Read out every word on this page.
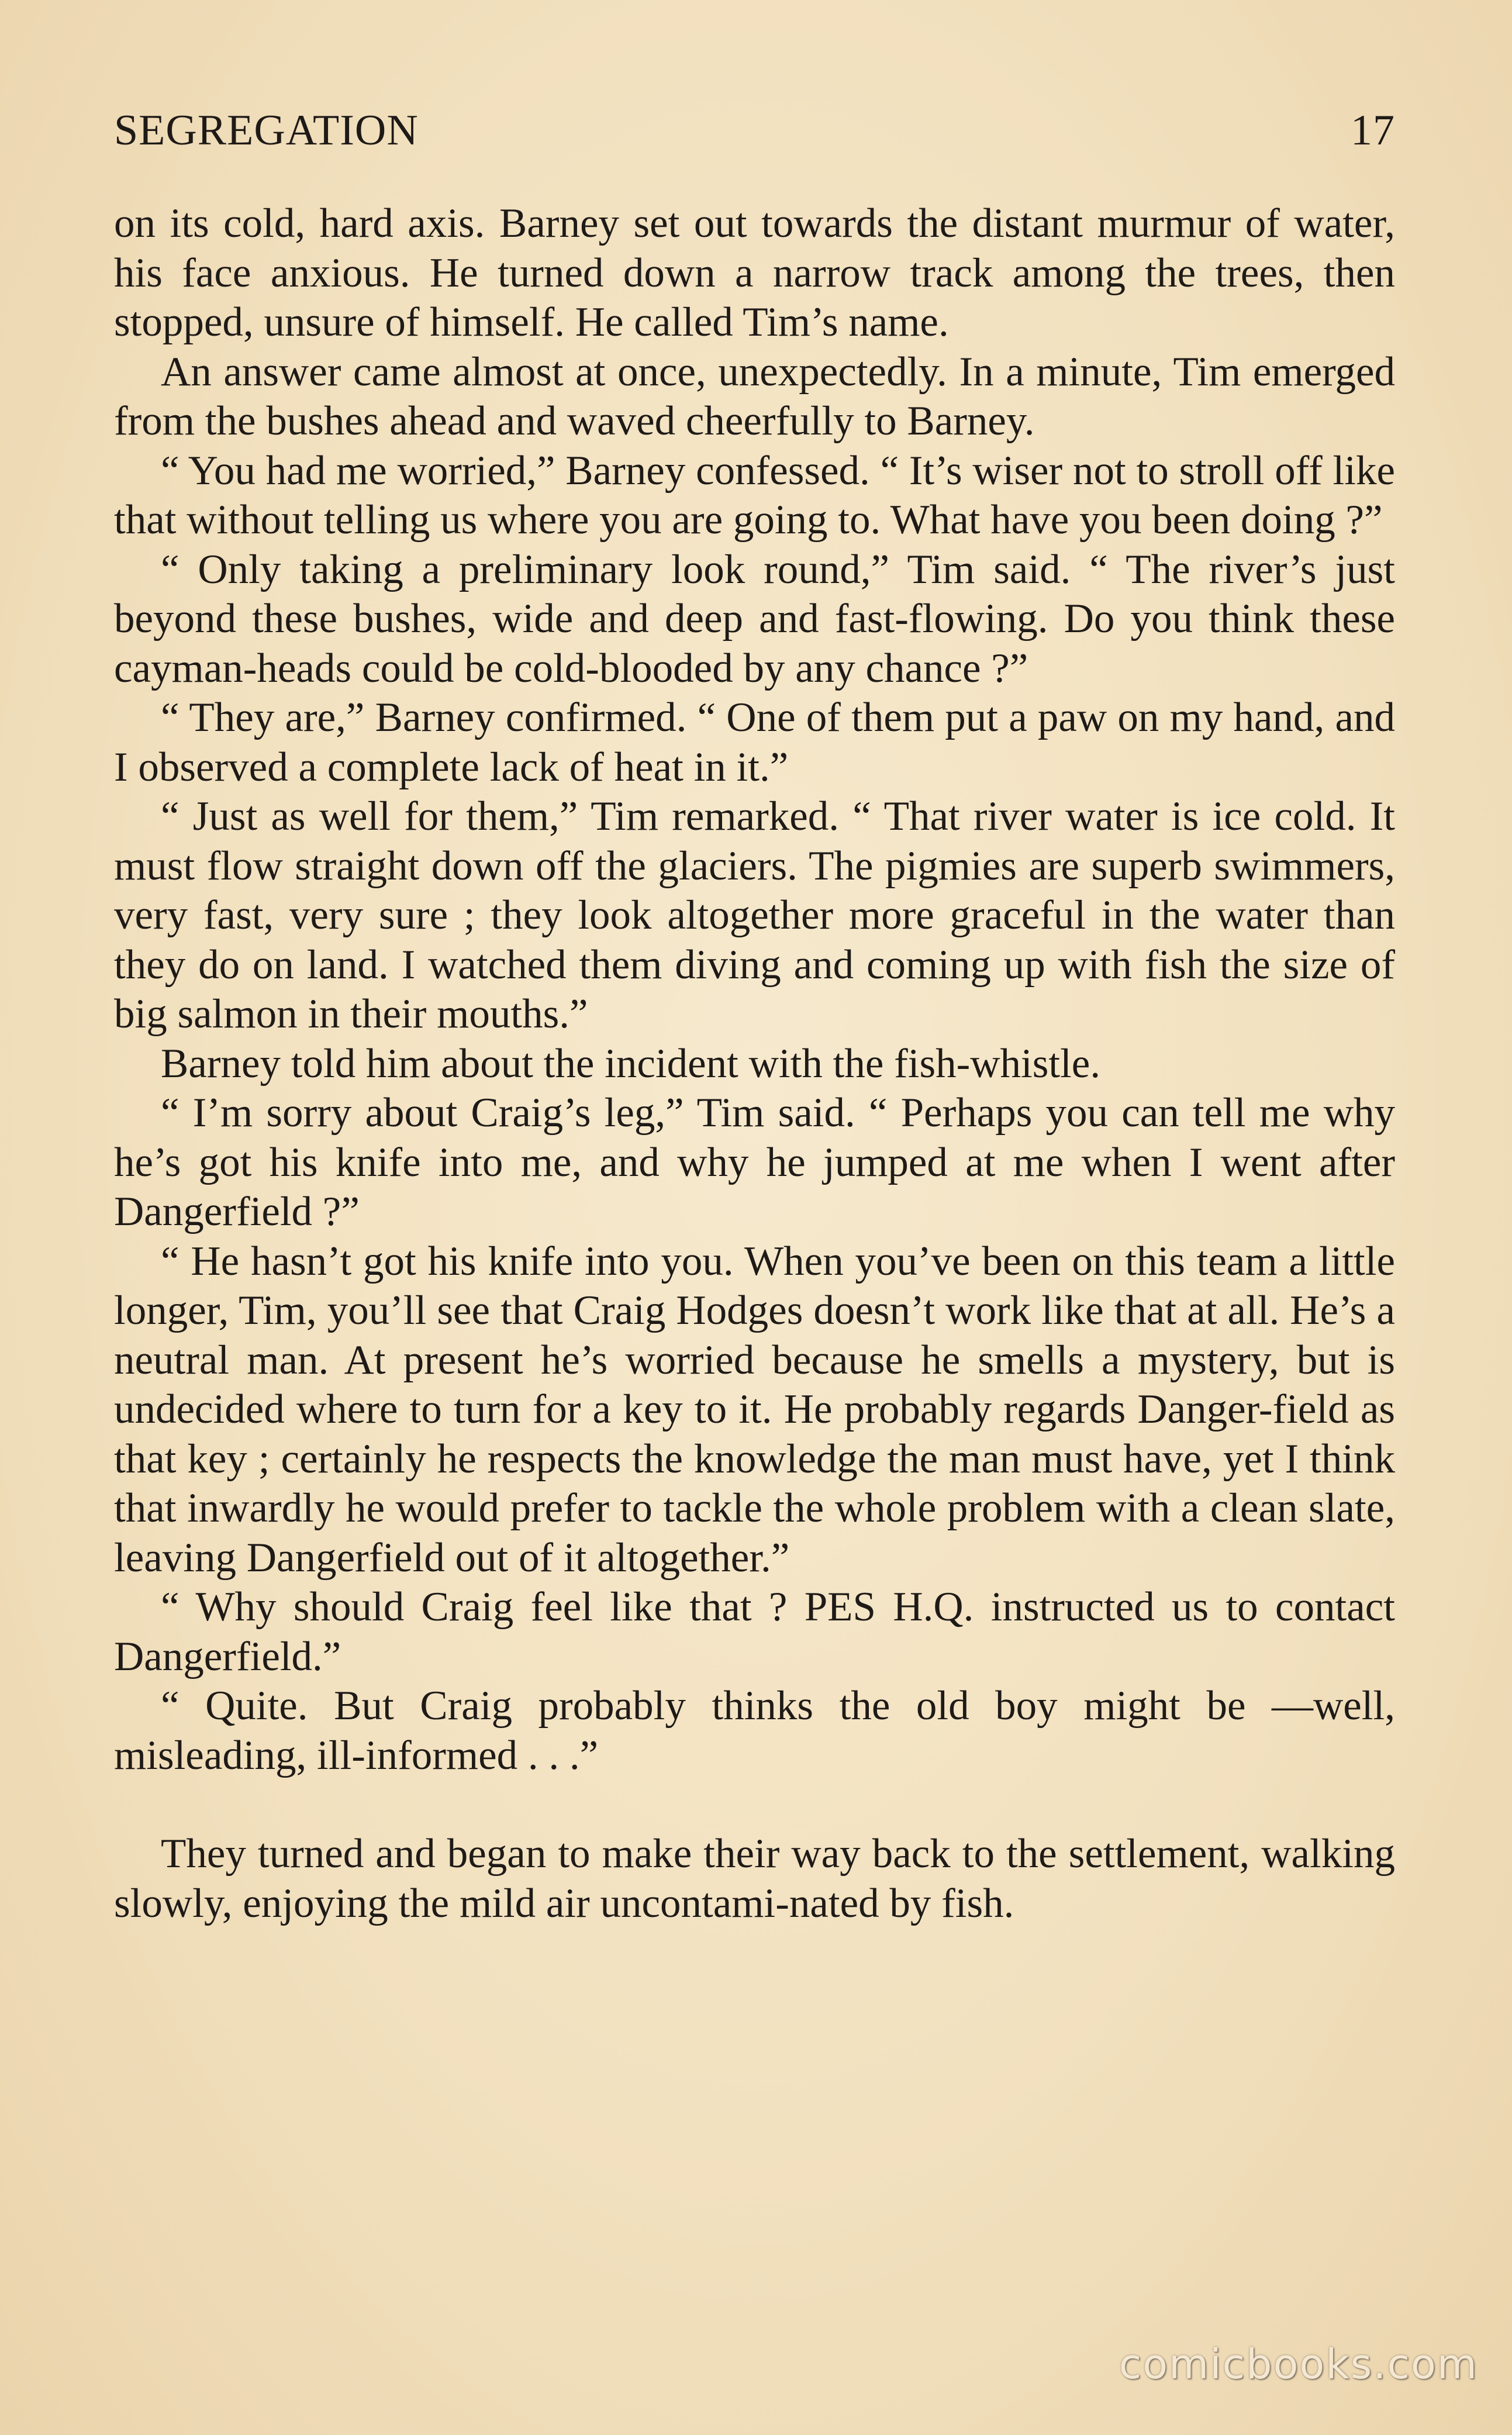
SEGREGATION	17

on its cold, hard axis. Barney set out towards the distant murmur of water, his face anxious. He turned down a narrow track among the trees, then stopped, unsure of himself. He called Tim’s name.

An answer came almost at once, unexpectedly. In a minute, Tim emerged from the bushes ahead and waved cheerfully to Barney.

“ You had me worried,” Barney confessed. “ It’s wiser not to stroll off like that without telling us where you are going to. What have you been doing ?”

“ Only taking a preliminary look round,” Tim said. “ The river’s just beyond these bushes, wide and deep and fast-flowing. Do you think these cayman-heads could be cold-blooded by any chance ?”

“ They are,” Barney confirmed. “ One of them put a paw on my hand, and I observed a complete lack of heat in it.”

“ Just as well for them,” Tim remarked. “ That river water is ice cold. It must flow straight down off the glaciers. The pigmies are superb swimmers, very fast, very sure ; they look altogether more graceful in the water than they do on land. I watched them diving and coming up with fish the size of big salmon in their mouths.”

Barney told him about the incident with the fish-whistle.

“ I’m sorry about Craig’s leg,” Tim said. “ Perhaps you can tell me why he’s got his knife into me, and why he jumped at me when I went after Dangerfield ?”

“ He hasn’t got his knife into you. When you’ve been on this team a little longer, Tim, you’ll see that Craig Hodges doesn’t work like that at all. He’s a neutral man. At present he’s worried because he smells a mystery, but is undecided where to turn for a key to it. He probably regards Danger-field as that key ; certainly he respects the knowledge the man must have, yet I think that inwardly he would prefer to tackle the whole problem with a clean slate, leaving Dangerfield out of it altogether.”

“ Why should Craig feel like that ? PES H.Q. instructed us to contact Dangerfield.”

“ Quite. But Craig probably thinks the old boy might be —well, misleading, ill-informed . . .”

They turned and began to make their way back to the settlement, walking slowly, enjoying the mild air uncontami-nated by fish.

comicbooks.com
